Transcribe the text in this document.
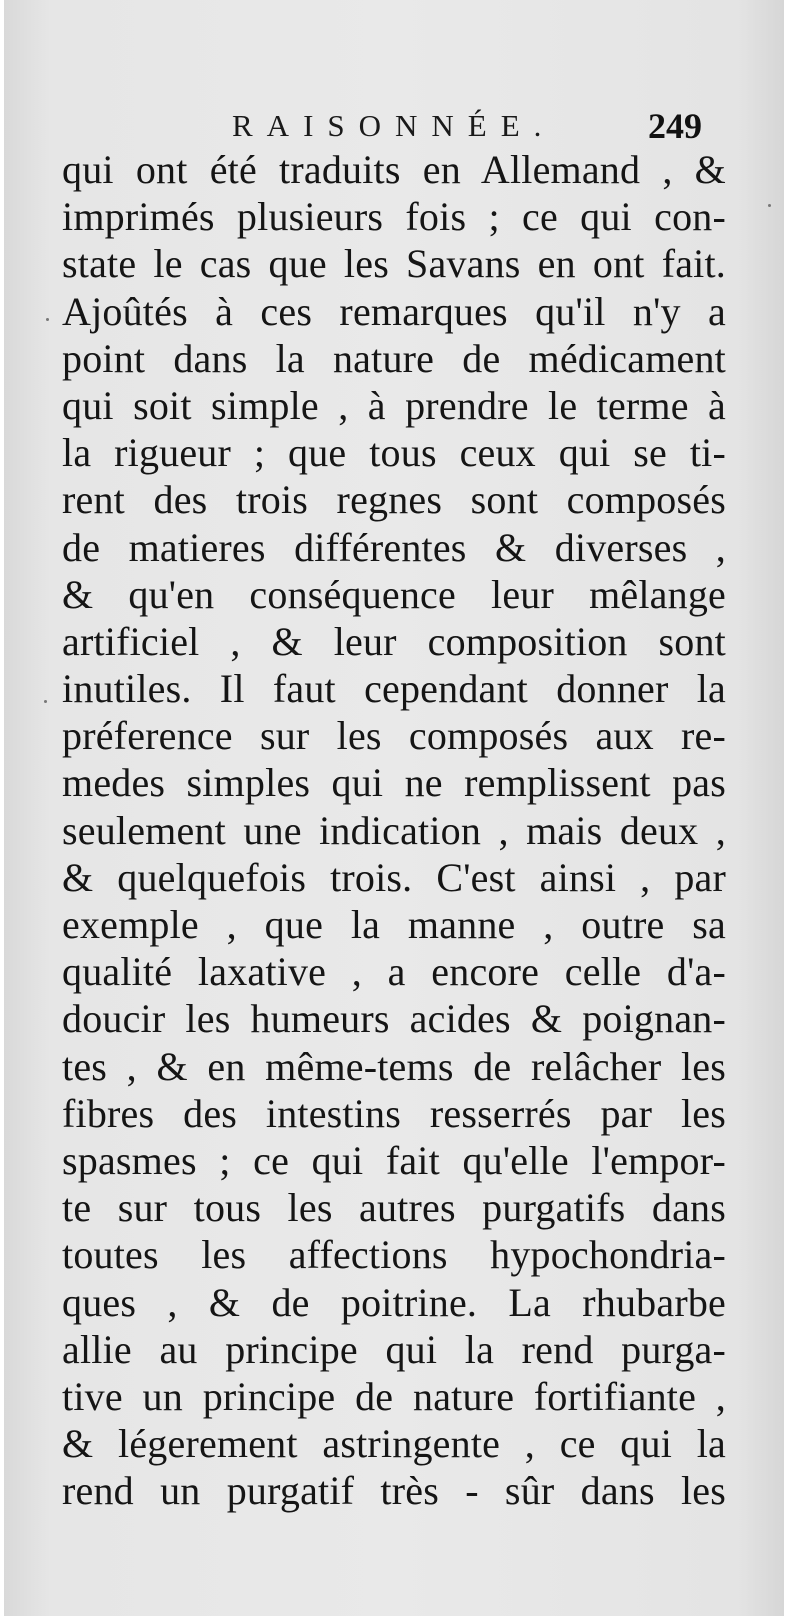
RAISONNÉE.	249
qui ont été traduits en Allemand , &
imprimés plusieurs fois ; ce qui con-
state le cas que les Savans en ont fait.
Ajoûtés à ces remarques qu'il n'y a
point dans la nature de médicament
qui soit simple , à prendre le terme à
la rigueur ; que tous ceux qui se ti-
rent des trois regnes sont composés
de matieres différentes & diverses ,
& qu'en conséquence leur mêlange
artificiel , & leur composition sont
inutiles. Il faut cependant donner la
préference sur les composés aux re-
medes simples qui ne remplissent pas
seulement une indication , mais deux ,
& quelquefois trois. C'est ainsi , par
exemple , que la manne , outre sa
qualité laxative , a encore celle d'a-
doucir les humeurs acides & poignan-
tes , & en même-tems de relâcher les
fibres des intestins resserrés par les
spasmes ; ce qui fait qu'elle l'empor-
te sur tous les autres purgatifs dans
toutes les affections hypochondria-
ques , & de poitrine. La rhubarbe
allie au principe qui la rend purga-
tive un principe de nature fortifiante ,
& légerement astringente , ce qui la
rend un purgatif très - sûr dans les
